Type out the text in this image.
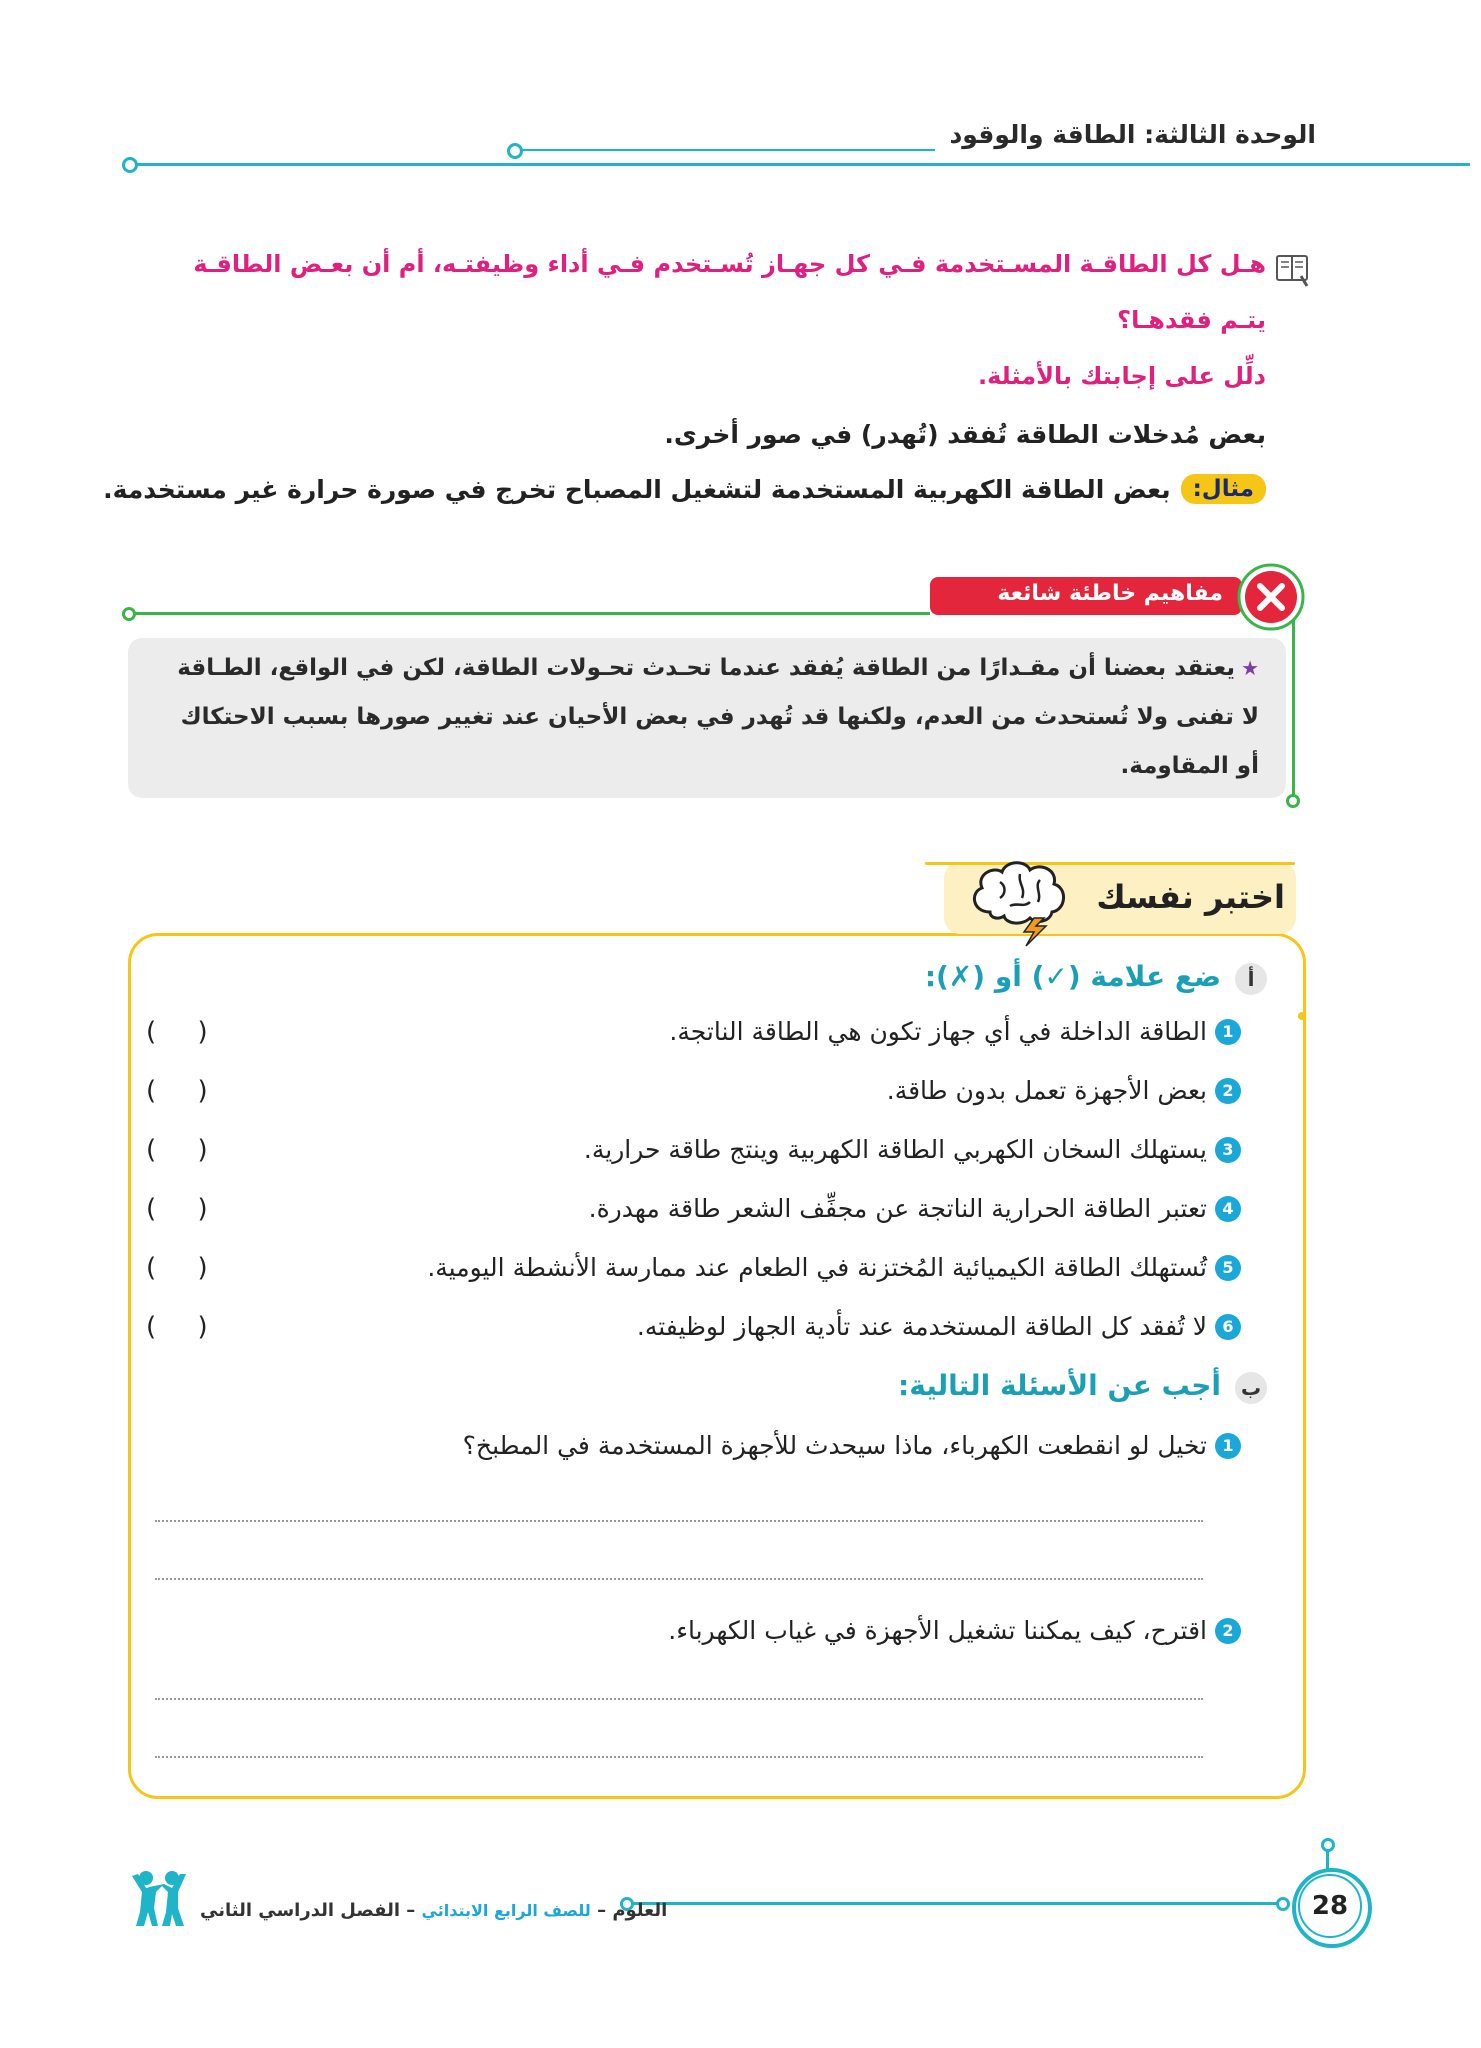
الوحدة الثالثة: الطاقة والوقود
هـل كل الطاقـة المسـتخدمة فـي كل جهـاز تُسـتخدم فـي أداء وظيفتـه، أم أن بعـض الطاقـة
يتـم فقدهـا؟
دلِّل على إجابتك بالأمثلة.
بعض مُدخلات الطاقة تُفقد (تُهدر) في صور أخرى.
مثال:
بعض الطاقة الكهربية المستخدمة لتشغيل المصباح تخرج في صورة حرارة غير مستخدمة.
مفاهيم خاطئة شائعة
★يعتقد بعضنا أن مقـدارًا من الطاقة يُفقد عندما تحـدث تحـولات الطاقة، لكن في الواقع، الطـاقة
لا تفنى ولا تُستحدث من العدم، ولكنها قد تُهدر في بعض الأحيان عند تغيير صورها بسبب الاحتكاك
أو المقاومة.
اختبر نفسك
أ
ضع علامة (✓) أو (✗):
1
الطاقة الداخلة في أي جهاز تكون هي الطاقة الناتجة.
(     )
2
بعض الأجهزة تعمل بدون طاقة.
(     )
3
يستهلك السخان الكهربي الطاقة الكهربية وينتج طاقة حرارية.
(     )
4
تعتبر الطاقة الحرارية الناتجة عن مجفِّف الشعر طاقة مهدرة.
(     )
5
تُستهلك الطاقة الكيميائية المُختزنة في الطعام عند ممارسة الأنشطة اليومية.
(     )
6
لا تُفقد كل الطاقة المستخدمة عند تأدية الجهاز لوظيفته.
(     )
ب
أجب عن الأسئلة التالية:
1
تخيل لو انقطعت الكهرباء، ماذا سيحدث للأجهزة المستخدمة في المطبخ؟
2
اقترح، كيف يمكننا تشغيل الأجهزة في غياب الكهرباء.
28
العلوم – للصف الرابع الابتدائي – الفصل الدراسي الثاني
